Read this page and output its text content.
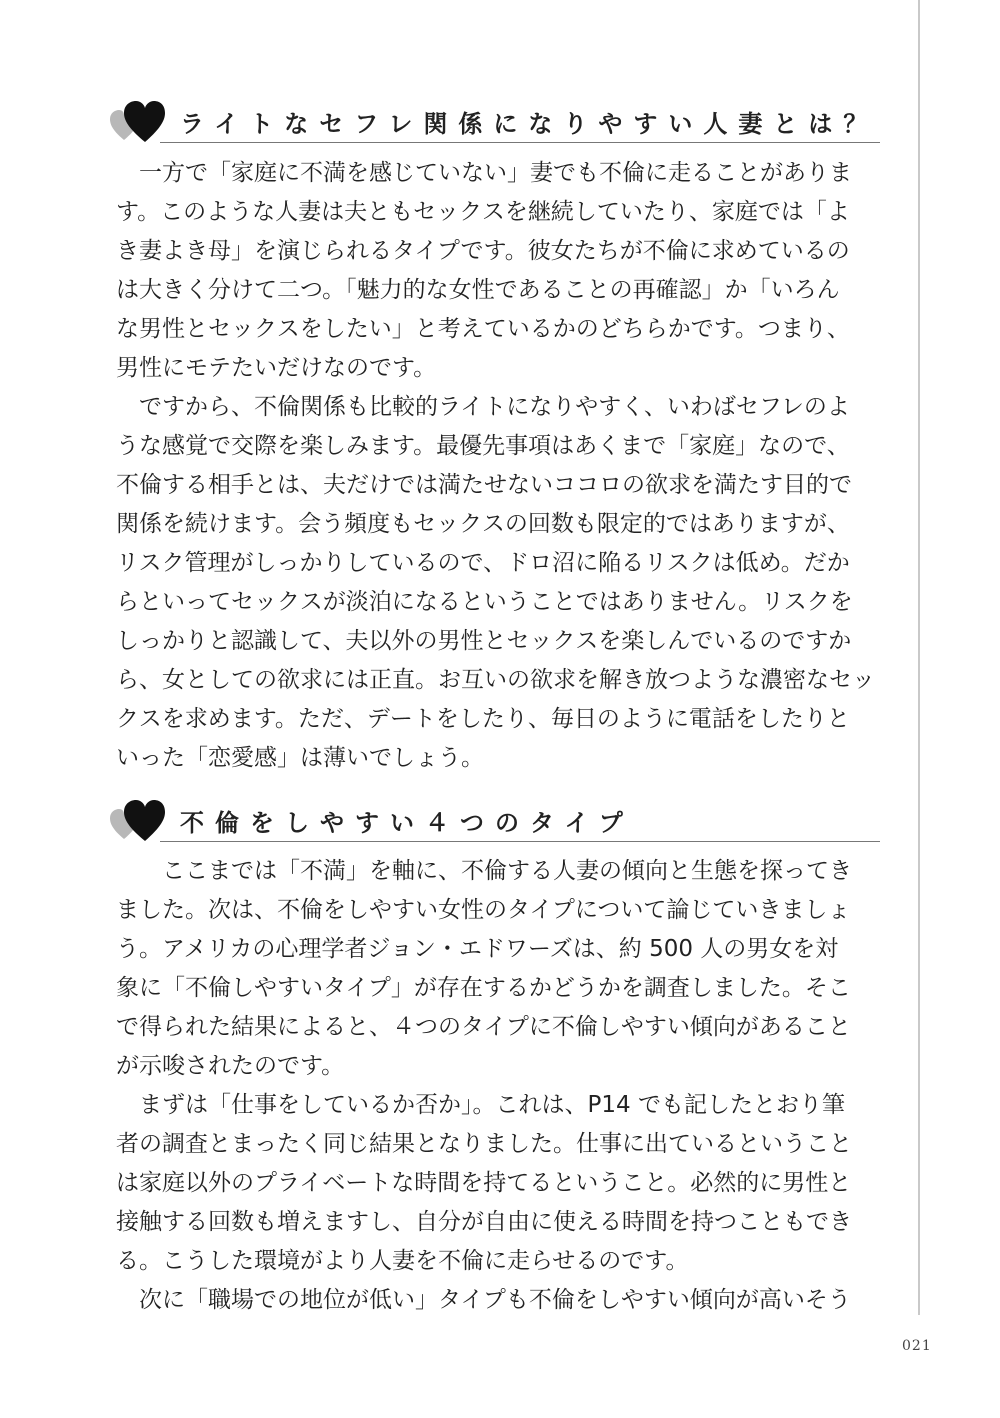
ライトなセフレ関係になりやすい人妻とは？
　一方で「家庭に不満を感じていない」妻でも不倫に走ることがありま
す。このような人妻は夫ともセックスを継続していたり、家庭では「よ
き妻よき母」を演じられるタイプです。彼女たちが不倫に求めているの
は大きく分けて二つ。「魅力的な女性であることの再確認」か「いろん
な男性とセックスをしたい」と考えているかのどちらかです。つまり、
男性にモテたいだけなのです。
　ですから、不倫関係も比較的ライトになりやすく、いわばセフレのよ
うな感覚で交際を楽しみます。最優先事項はあくまで「家庭」なので、
不倫する相手とは、夫だけでは満たせないココロの欲求を満たす目的で
関係を続けます。会う頻度もセックスの回数も限定的ではありますが、
リスク管理がしっかりしているので、ドロ沼に陥るリスクは低め。だか
らといってセックスが淡泊になるということではありません。リスクを
しっかりと認識して、夫以外の男性とセックスを楽しんでいるのですか
ら、女としての欲求には正直。お互いの欲求を解き放つような濃密なセッ
クスを求めます。ただ、デートをしたり、毎日のように電話をしたりと
いった「恋愛感」は薄いでしょう。
不倫をしやすい４つのタイプ
　　ここまでは「不満」を軸に、不倫する人妻の傾向と生態を探ってき
ました。次は、不倫をしやすい女性のタイプについて論じていきましょ
う。アメリカの心理学者ジョン・エドワーズは、約 500 人の男女を対
象に「不倫しやすいタイプ」が存在するかどうかを調査しました。そこ
で得られた結果によると、４つのタイプに不倫しやすい傾向があること
が示唆されたのです。
　まずは「仕事をしているか否か」。これは、P14 でも記したとおり筆
者の調査とまったく同じ結果となりました。仕事に出ているということ
は家庭以外のプライベートな時間を持てるということ。必然的に男性と
接触する回数も増えますし、自分が自由に使える時間を持つこともでき
る。こうした環境がより人妻を不倫に走らせるのです。
　次に「職場での地位が低い」タイプも不倫をしやすい傾向が高いそう
021
